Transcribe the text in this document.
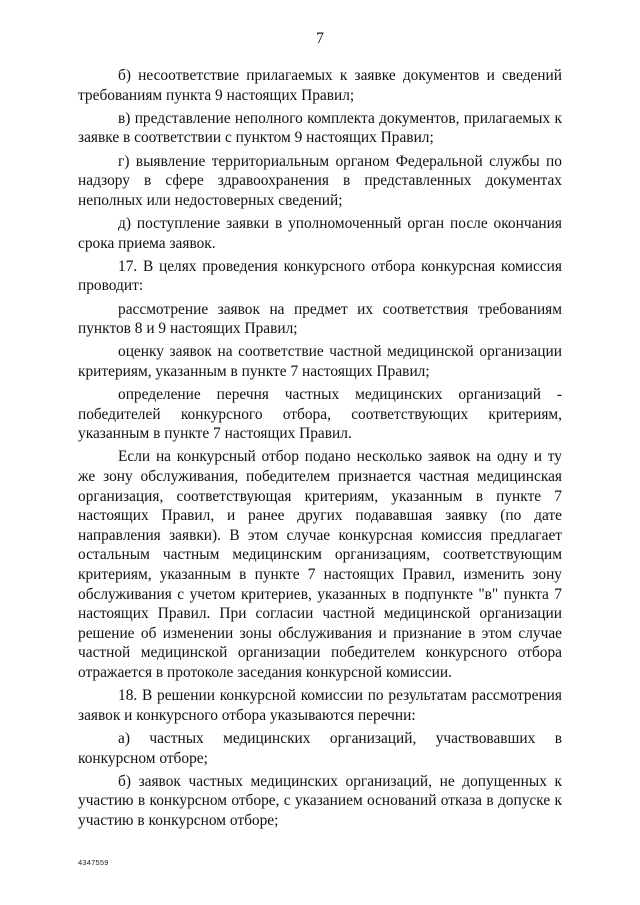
7

б) несоответствие прилагаемых к заявке документов и сведений требованиям пункта 9 настоящих Правил;

в) представление неполного комплекта документов, прилагаемых к заявке в соответствии с пунктом 9 настоящих Правил;

г) выявление территориальным органом Федеральной службы по надзору в сфере здравоохранения в представленных документах неполных или недостоверных сведений;

д) поступление заявки в уполномоченный орган после окончания срока приема заявок.

17. В целях проведения конкурсного отбора конкурсная комиссия проводит:

рассмотрение заявок на предмет их соответствия требованиям пунктов 8 и 9 настоящих Правил;

оценку заявок на соответствие частной медицинской организации критериям, указанным в пункте 7 настоящих Правил;

определение перечня частных медицинских организаций - победителей конкурсного отбора, соответствующих критериям, указанным в пункте 7 настоящих Правил.

Если на конкурсный отбор подано несколько заявок на одну и ту же зону обслуживания, победителем признается частная медицинская организация, соответствующая критериям, указанным в пункте 7 настоящих Правил, и ранее других подававшая заявку (по дате направления заявки). В этом случае конкурсная комиссия предлагает остальным частным медицинским организациям, соответствующим критериям, указанным в пункте 7 настоящих Правил, изменить зону обслуживания с учетом критериев, указанных в подпункте "в" пункта 7 настоящих Правил. При согласии частной медицинской организации решение об изменении зоны обслуживания и признание в этом случае частной медицинской организации победителем конкурсного отбора отражается в протоколе заседания конкурсной комиссии.

18. В решении конкурсной комиссии по результатам рассмотрения заявок и конкурсного отбора указываются перечни:

а) частных медицинских организаций, участвовавших в конкурсном отборе;

б) заявок частных медицинских организаций, не допущенных к участию в конкурсном отборе, с указанием оснований отказа в допуске к участию в конкурсном отборе;

4347559
